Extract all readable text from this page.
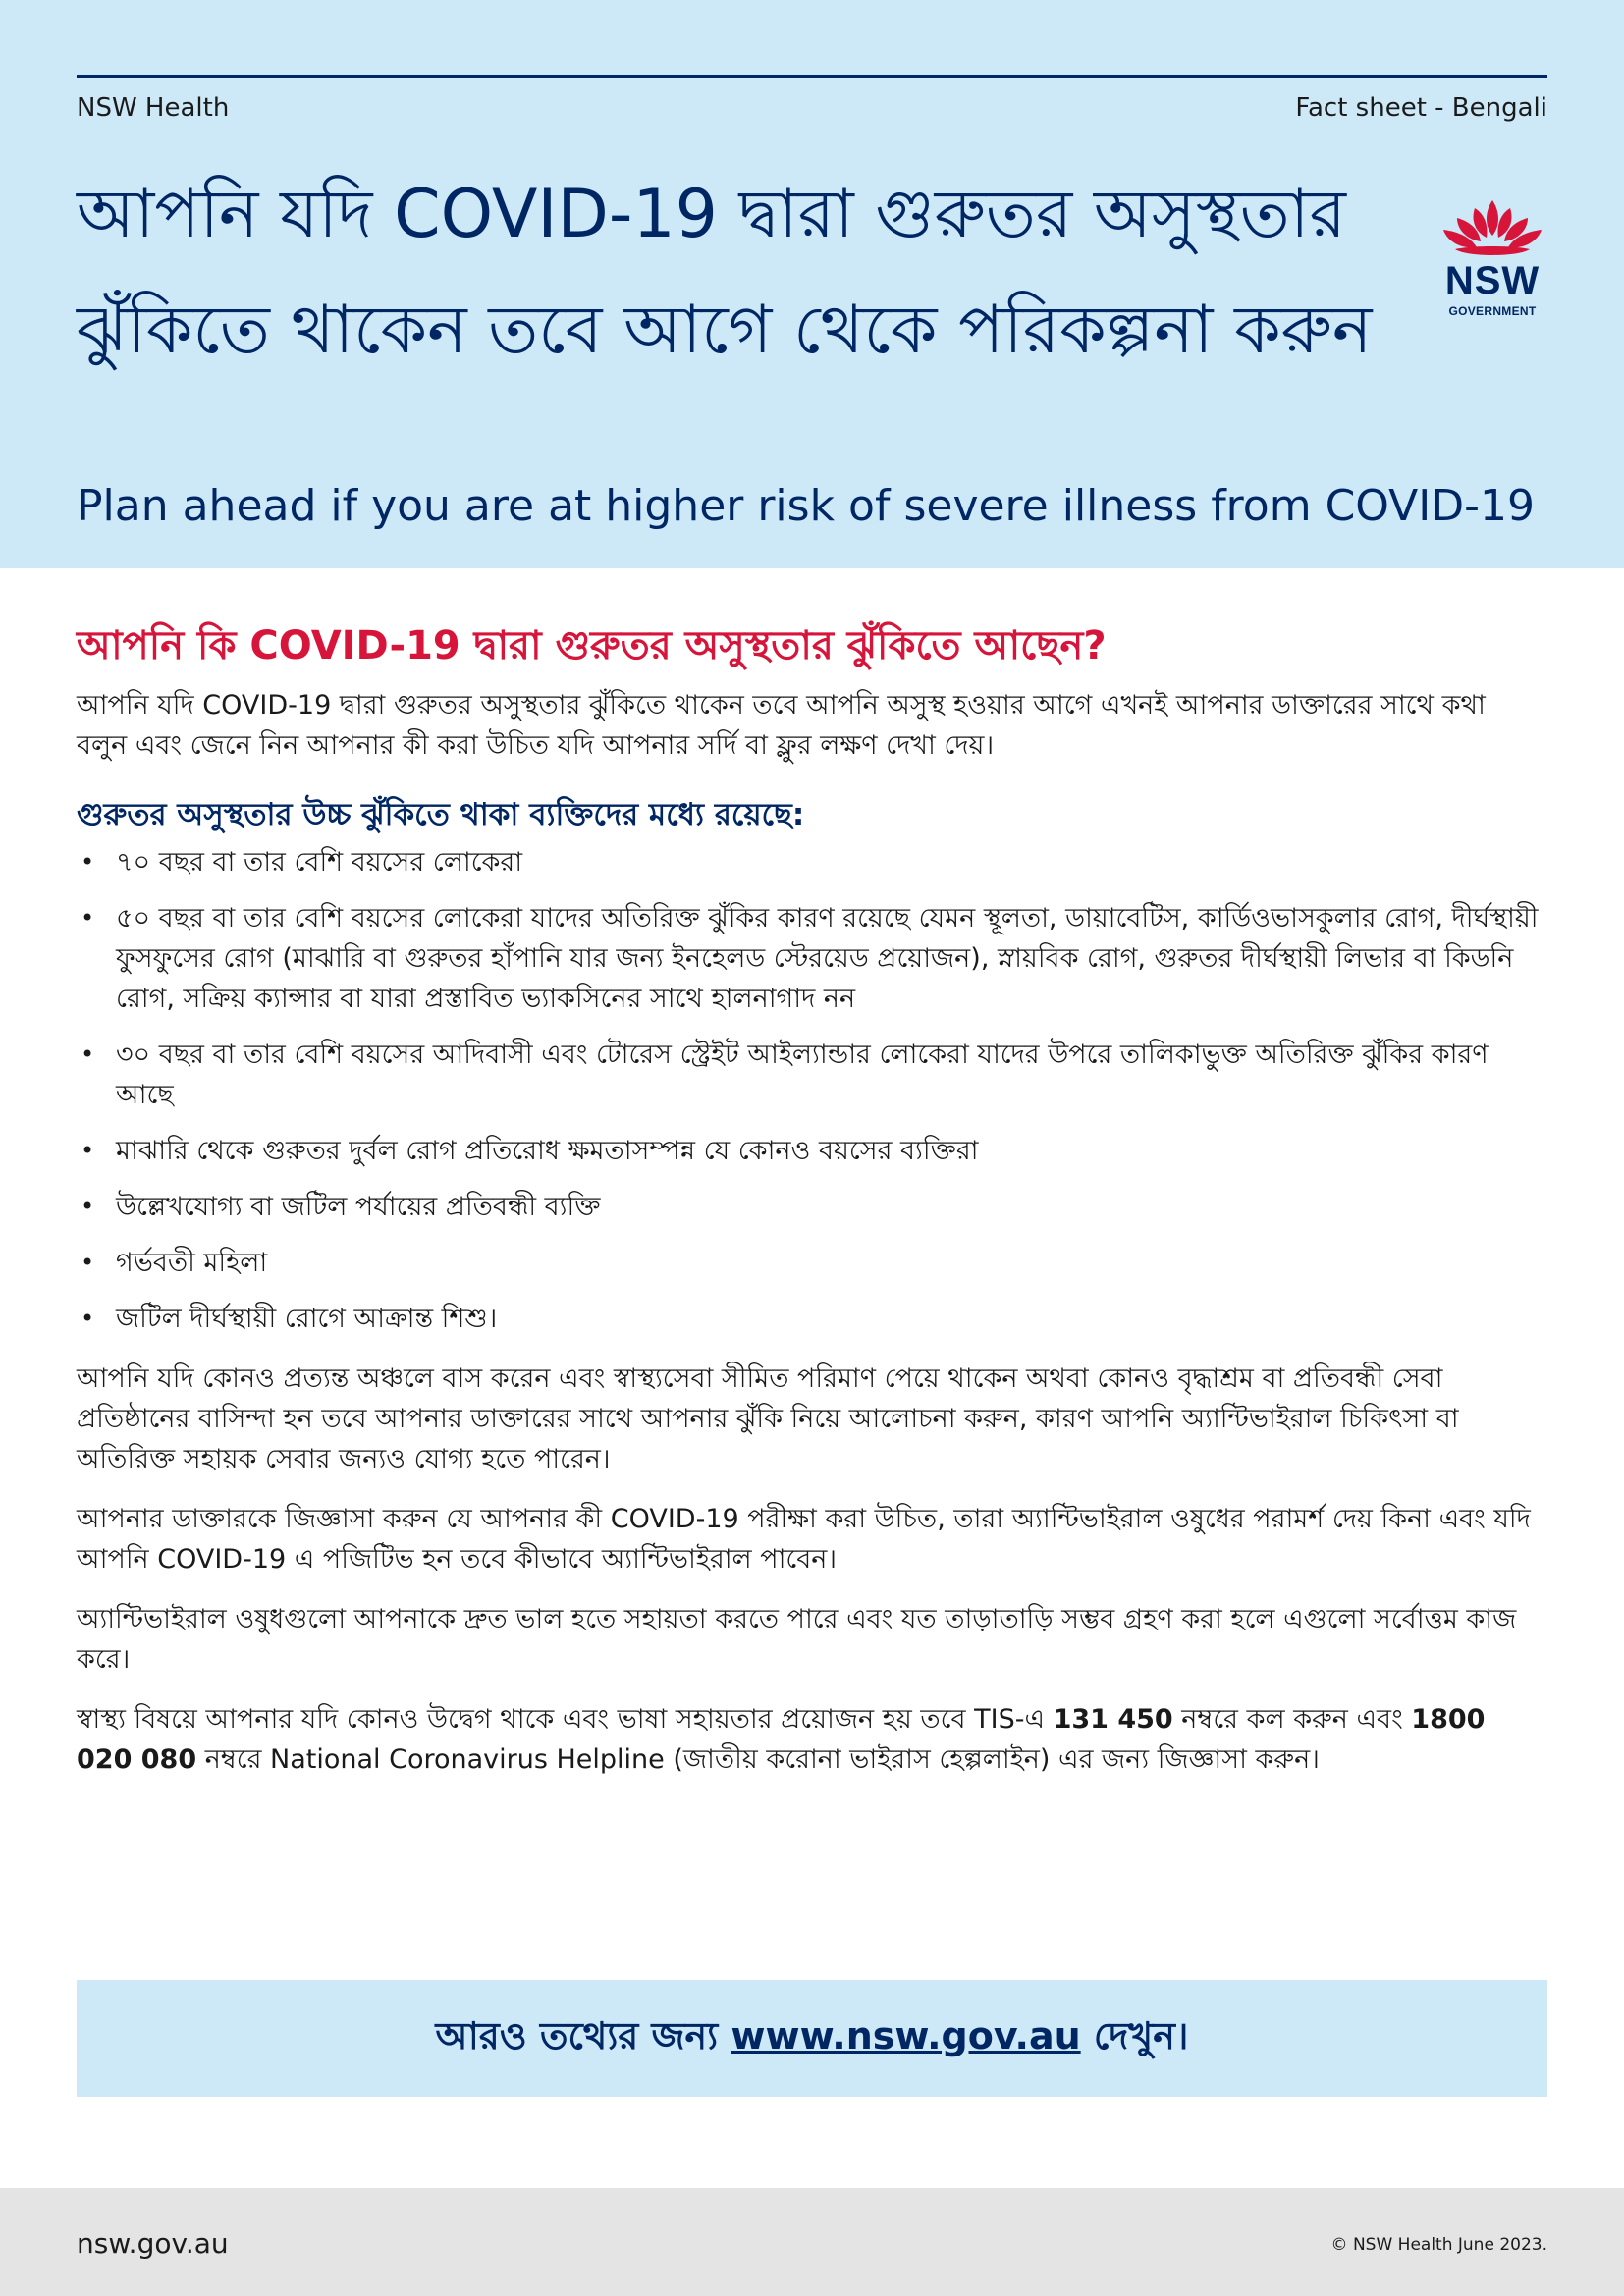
NSW Health	Fact sheet - Bengali
আপনি যদি COVID-19 দ্বারা গুরুতর অসুস্থতার ঝুঁকিতে থাকেন তবে আগে থেকে পরিকল্পনা করুন
Plan ahead if you are at higher risk of severe illness from COVID-19
NSW
GOVERNMENT
আপনি কি COVID-19 দ্বারা গুরুতর অসুস্থতার ঝুঁকিতে আছেন?

আপনি যদি COVID-19 দ্বারা গুরুতর অসুস্থতার ঝুঁকিতে থাকেন তবে আপনি অসুস্থ হওয়ার আগে এখনই আপনার ডাক্তারের সাথে কথা বলুন এবং জেনে নিন আপনার কী করা উচিত যদি আপনার সর্দি বা ফ্লুর লক্ষণ দেখা দেয়।

গুরুতর অসুস্থতার উচ্চ ঝুঁকিতে থাকা ব্যক্তিদের মধ্যে রয়েছে:
• ৭০ বছর বা তার বেশি বয়সের লোকেরা
• ৫০ বছর বা তার বেশি বয়সের লোকেরা যাদের অতিরিক্ত ঝুঁকির কারণ রয়েছে যেমন স্থূলতা, ডায়াবেটিস, কার্ডিওভাসকুলার রোগ, দীর্ঘস্থায়ী ফুসফুসের রোগ (মাঝারি বা গুরুতর হাঁপানি যার জন্য ইনহেলড স্টেরয়েড প্রয়োজন), স্নায়বিক রোগ, গুরুতর দীর্ঘস্থায়ী লিভার বা কিডনি রোগ, সক্রিয় ক্যান্সার বা যারা প্রস্তাবিত ভ্যাকসিনের সাথে হালনাগাদ নন
• ৩০ বছর বা তার বেশি বয়সের আদিবাসী এবং টোরেস স্ট্রেইট আইল্যান্ডার লোকেরা যাদের উপরে তালিকাভুক্ত অতিরিক্ত ঝুঁকির কারণ আছে
• মাঝারি থেকে গুরুতর দুর্বল রোগ প্রতিরোধ ক্ষমতাসম্পন্ন যে কোনও বয়সের ব্যক্তিরা
• উল্লেখযোগ্য বা জটিল পর্যায়ের প্রতিবন্ধী ব্যক্তি
• গর্ভবতী মহিলা
• জটিল দীর্ঘস্থায়ী রোগে আক্রান্ত শিশু।

আপনি যদি কোনও প্রত্যন্ত অঞ্চলে বাস করেন এবং স্বাস্থ্যসেবা সীমিত পরিমাণ পেয়ে থাকেন অথবা কোনও বৃদ্ধাশ্রম বা প্রতিবন্ধী সেবা প্রতিষ্ঠানের বাসিন্দা হন তবে আপনার ডাক্তারের সাথে আপনার ঝুঁকি নিয়ে আলোচনা করুন, কারণ আপনি অ্যান্টিভাইরাল চিকিৎসা বা অতিরিক্ত সহায়ক সেবার জন্যও যোগ্য হতে পারেন।

আপনার ডাক্তারকে জিজ্ঞাসা করুন যে আপনার কী COVID-19 পরীক্ষা করা উচিত, তারা অ্যান্টিভাইরাল ওষুধের পরামর্শ দেয় কিনা এবং যদি আপনি COVID-19 এ পজিটিভ হন তবে কীভাবে অ্যান্টিভাইরাল পাবেন।

অ্যান্টিভাইরাল ওষুধগুলো আপনাকে দ্রুত ভাল হতে সহায়তা করতে পারে এবং যত তাড়াতাড়ি সম্ভব গ্রহণ করা হলে এগুলো সর্বোত্তম কাজ করে।

স্বাস্থ্য বিষয়ে আপনার যদি কোনও উদ্বেগ থাকে এবং ভাষা সহায়তার প্রয়োজন হয় তবে TIS-এ 131 450 নম্বরে কল করুন এবং 1800 020 080 নম্বরে National Coronavirus Helpline (জাতীয় করোনা ভাইরাস হেল্পলাইন) এর জন্য জিজ্ঞাসা করুন।

আরও তথ্যের জন্য www.nsw.gov.au দেখুন।
nsw.gov.au	© NSW Health June 2023.
